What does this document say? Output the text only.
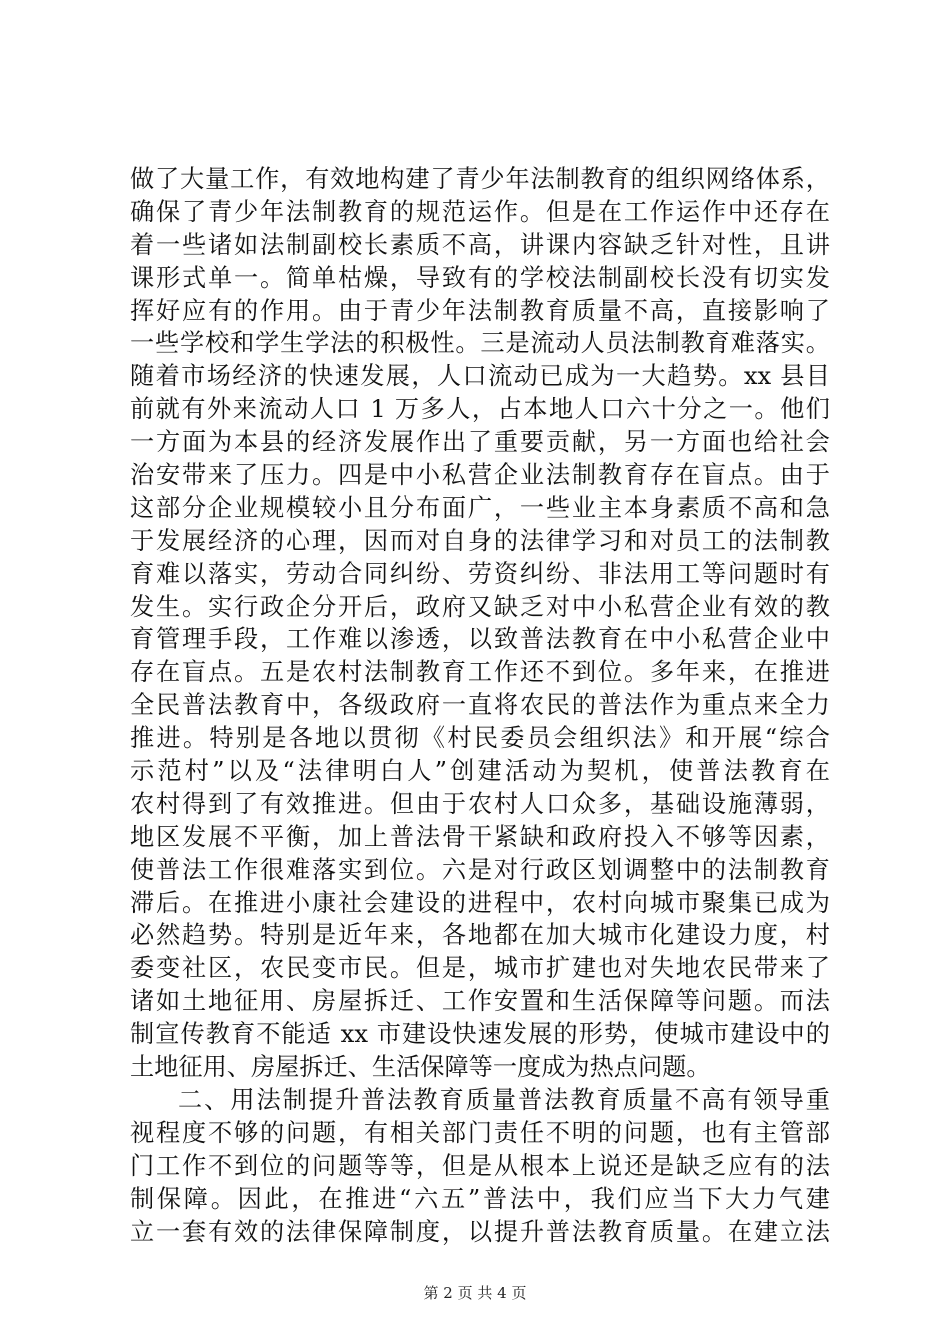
做了大量工作，有效地构建了青少年法制教育的组织网络体系，
确保了青少年法制教育的规范运作。但是在工作运作中还存在
着一些诸如法制副校长素质不高，讲课内容缺乏针对性，且讲
课形式单一。简单枯燥，导致有的学校法制副校长没有切实发
挥好应有的作用。由于青少年法制教育质量不高，直接影响了
一些学校和学生学法的积极性。三是流动人员法制教育难落实。
随着市场经济的快速发展，人口流动已成为一大趋势。xx 县目
前就有外来流动人口 1 万多人，占本地人口六十分之一。他们
一方面为本县的经济发展作出了重要贡献，另一方面也给社会
治安带来了压力。四是中小私营企业法制教育存在盲点。由于
这部分企业规模较小且分布面广，一些业主本身素质不高和急
于发展经济的心理，因而对自身的法律学习和对员工的法制教
育难以落实，劳动合同纠纷、劳资纠纷、非法用工等问题时有
发生。实行政企分开后，政府又缺乏对中小私营企业有效的教
育管理手段，工作难以渗透，以致普法教育在中小私营企业中
存在盲点。五是农村法制教育工作还不到位。多年来，在推进
全民普法教育中，各级政府一直将农民的普法作为重点来全力
推进。特别是各地以贯彻《村民委员会组织法》和开展“综合
示范村”以及“法律明白人”创建活动为契机，使普法教育在
农村得到了有效推进。但由于农村人口众多，基础设施薄弱，
地区发展不平衡，加上普法骨干紧缺和政府投入不够等因素，
使普法工作很难落实到位。六是对行政区划调整中的法制教育
滞后。在推进小康社会建设的进程中，农村向城市聚集已成为
必然趋势。特别是近年来，各地都在加大城市化建设力度，村
委变社区，农民变市民。但是，城市扩建也对失地农民带来了
诸如土地征用、房屋拆迁、工作安置和生活保障等问题。而法
制宣传教育不能适 xx 市建设快速发展的形势，使城市建设中的
土地征用、房屋拆迁、生活保障等一度成为热点问题。
二、用法制提升普法教育质量普法教育质量不高有领导重
视程度不够的问题，有相关部门责任不明的问题，也有主管部
门工作不到位的问题等等，但是从根本上说还是缺乏应有的法
制保障。因此，在推进“六五”普法中，我们应当下大力气建
立一套有效的法律保障制度，以提升普法教育质量。在建立法
第 2 页 共 4 页
